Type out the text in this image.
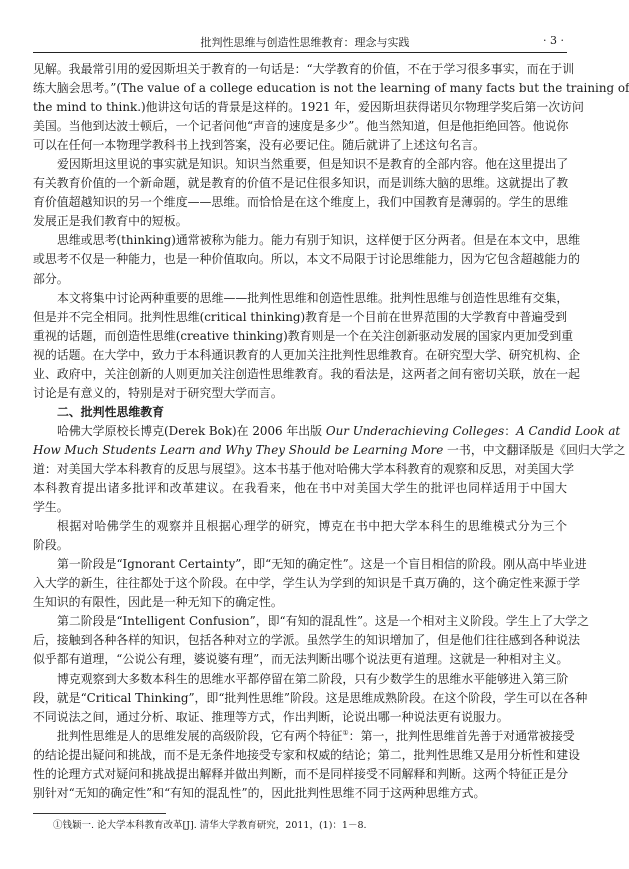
批判性思维与创造性思维教育：理念与实践	· 3 ·
见解。我最常引用的爱因斯坦关于教育的一句话是：“大学教育的价值，不在于学习很多事实，而在于训
练大脑会思考。”(The value of a college education is not the learning of many facts but the training of
the mind to think.)他讲这句话的背景是这样的。1921 年，爱因斯坦获得诺贝尔物理学奖后第一次访问
美国。当他到达波士顿后，一个记者问他“声音的速度是多少”。他当然知道，但是他拒绝回答。他说你
可以在任何一本物理学教科书上找到答案，没有必要记住。随后就讲了上述这句名言。
爱因斯坦这里说的事实就是知识。知识当然重要，但是知识不是教育的全部内容。他在这里提出了
有关教育价值的一个新命题，就是教育的价值不是记住很多知识，而是训练大脑的思维。这就提出了教
育价值超越知识的另一个维度——思维。而恰恰是在这个维度上，我们中国教育是薄弱的。学生的思维
发展正是我们教育中的短板。
思维或思考(thinking)通常被称为能力。能力有别于知识，这样便于区分两者。但是在本文中，思维
或思考不仅是一种能力，也是一种价值取向。所以，本文不局限于讨论思维能力，因为它包含超越能力的
部分。
本文将集中讨论两种重要的思维——批判性思维和创造性思维。批判性思维与创造性思维有交集，
但是并不完全相同。批判性思维(critical thinking)教育是一个目前在世界范围的大学教育中普遍受到
重视的话题，而创造性思维(creative thinking)教育则是一个在关注创新驱动发展的国家内更加受到重
视的话题。在大学中，致力于本科通识教育的人更加关注批判性思维教育。在研究型大学、研究机构、企
业、政府中，关注创新的人则更加关注创造性思维教育。我的看法是，这两者之间有密切关联，放在一起
讨论是有意义的，特别是对于研究型大学而言。
二、批判性思维教育
哈佛大学原校长博克(Derek Bok)在 2006 年出版 Our Underachieving Colleges：A Candid Look at
How Much Students Learn and Why They Should be Learning More 一书，中文翻译版是《回归大学之
道：对美国大学本科教育的反思与展望》。这本书基于他对哈佛大学本科教育的观察和反思，对美国大学
本科教育提出诸多批评和改革建议。在我看来，他在书中对美国大学生的批评也同样适用于中国大
学生。
根据对哈佛学生的观察并且根据心理学的研究，博克在书中把大学本科生的思维模式分为三个
阶段。
第一阶段是“Ignorant Certainty”，即“无知的确定性”。这是一个盲目相信的阶段。刚从高中毕业进
入大学的新生，往往都处于这个阶段。在中学，学生认为学到的知识是千真万确的，这个确定性来源于学
生知识的有限性，因此是一种无知下的确定性。
第二阶段是“Intelligent Confusion”，即“有知的混乱性”。这是一个相对主义阶段。学生上了大学之
后，接触到各种各样的知识，包括各种对立的学派。虽然学生的知识增加了，但是他们往往感到各种说法
似乎都有道理，“公说公有理，婆说婆有理”，而无法判断出哪个说法更有道理。这就是一种相对主义。
博克观察到大多数本科生的思维水平都停留在第二阶段，只有少数学生的思维水平能够进入第三阶
段，就是“Critical Thinking”，即“批判性思维”阶段。这是思维成熟阶段。在这个阶段，学生可以在各种
不同说法之间，通过分析、取证、推理等方式，作出判断，论说出哪一种说法更有说服力。
批判性思维是人的思维发展的高级阶段，它有两个特征①：第一，批判性思维首先善于对通常被接受
的结论提出疑问和挑战，而不是无条件地接受专家和权威的结论；第二，批判性思维又是用分析性和建设
性的论理方式对疑问和挑战提出解释并做出判断，而不是同样接受不同解释和判断。这两个特征正是分
别针对“无知的确定性”和“有知的混乱性”的，因此批判性思维不同于这两种思维方式。
①钱颖一. 论大学本科教育改革[J]. 清华大学教育研究，2011，(1)：1－8.
